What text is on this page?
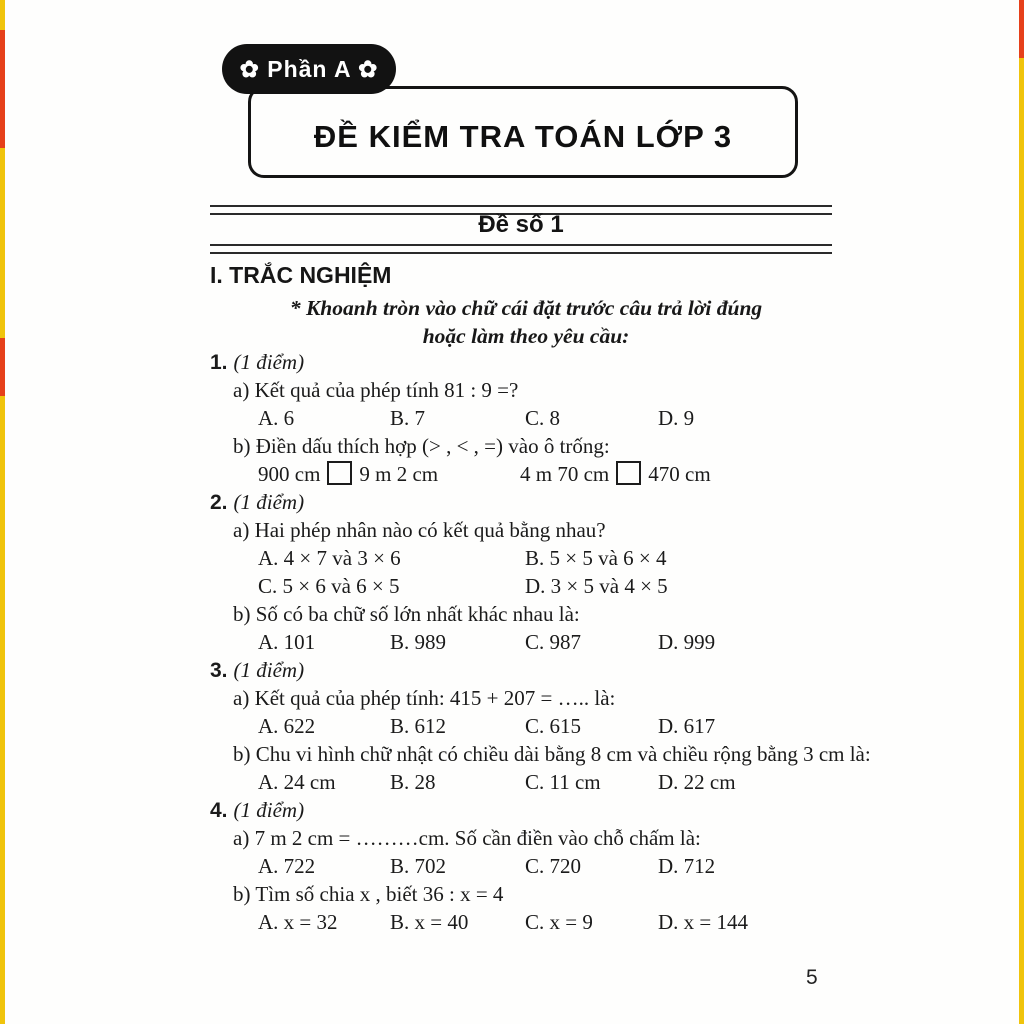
✿ Phần A ✿
ĐỀ KIỂM TRA TOÁN LỚP 3
Đề số 1
I. TRẮC NGHIỆM
* Khoanh tròn vào chữ cái đặt trước câu trả lời đúng
hoặc làm theo yêu cầu:
1. (1 điểm)
a) Kết quả của phép tính 81 : 9 =?
A. 6	B. 7	C. 8	D. 9
b) Điền dấu thích hợp (> , < , =) vào ô trống:
900 cm 9 m 2 cm	4 m 70 cm 470 cm
2. (1 điểm)
a) Hai phép nhân nào có kết quả bằng nhau?
A. 4 × 7 và 3 × 6	B. 5 × 5 và 6 × 4
C. 5 × 6 và 6 × 5	D. 3 × 5 và 4 × 5
b) Số có ba chữ số lớn nhất khác nhau là:
A. 101	B. 989	C. 987	D. 999
3. (1 điểm)
a) Kết quả của phép tính: 415 + 207 = ….. là:
A. 622	B. 612	C. 615	D. 617
b) Chu vi hình chữ nhật có chiều dài bằng 8 cm và chiều rộng bằng 3 cm là:
A. 24 cm	B. 28	C. 11 cm	D. 22 cm
4. (1 điểm)
a) 7 m 2 cm = ………cm. Số cần điền vào chỗ chấm là:
A. 722	B. 702	C. 720	D. 712
b) Tìm số chia x , biết 36 : x = 4
A. x = 32 B. x = 40	C. x = 9	D. x = 144
5
